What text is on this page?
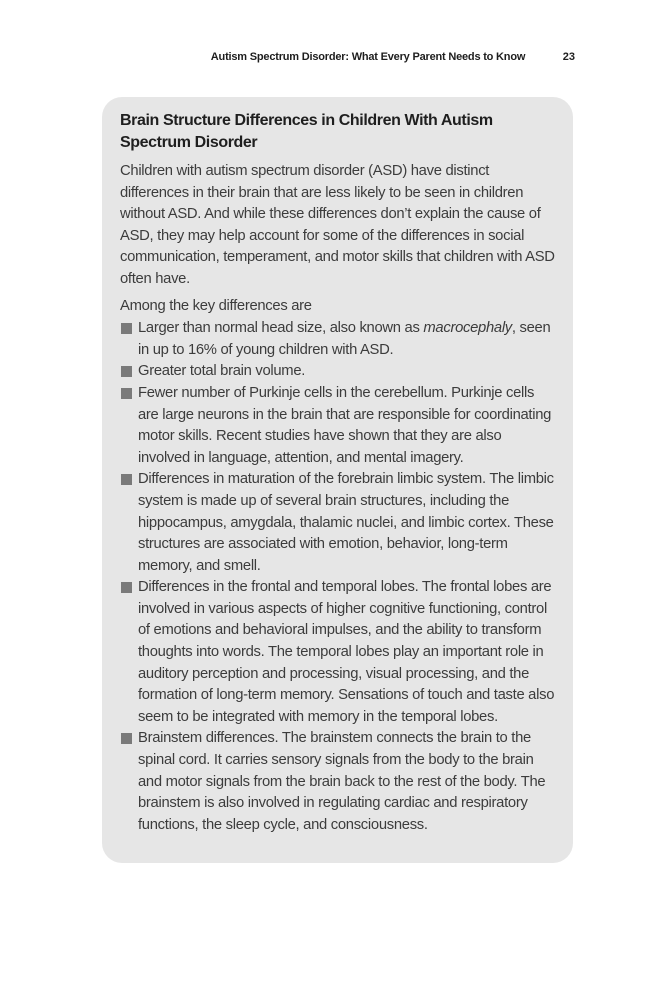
Autism Spectrum Disorder: What Every Parent Needs to Know	23
Brain Structure Differences in Children With Autism Spectrum Disorder

Children with autism spectrum disorder (ASD) have distinct differences in their brain that are less likely to be seen in children without ASD. And while these differences don’t explain the cause of ASD, they may help account for some of the differences in social communication, temperament, and motor skills that children with ASD often have.

Among the key differences are

Larger than normal head size, also known as macrocephaly, seen in up to 16% of young children with ASD.
Greater total brain volume.
Fewer number of Purkinje cells in the cerebellum. Purkinje cells are large neurons in the brain that are responsible for coordinating motor skills. Recent studies have shown that they are also involved in language, attention, and mental imagery.
Differences in maturation of the forebrain limbic system. The limbic system is made up of several brain structures, including the hippocampus, amygdala, thalamic nuclei, and limbic cortex. These structures are associated with emotion, behavior, long-term memory, and smell.
Differences in the frontal and temporal lobes. The frontal lobes are involved in various aspects of higher cognitive functioning, control of emotions and behavioral impulses, and the ability to transform thoughts into words. The temporal lobes play an important role in auditory perception and processing, visual processing, and the formation of long-term memory. Sensations of touch and taste also seem to be integrated with memory in the temporal lobes.
Brainstem differences. The brainstem connects the brain to the spinal cord. It carries sensory signals from the body to the brain and motor signals from the brain back to the rest of the body. The brainstem is also involved in regulating cardiac and respiratory functions, the sleep cycle, and consciousness.
